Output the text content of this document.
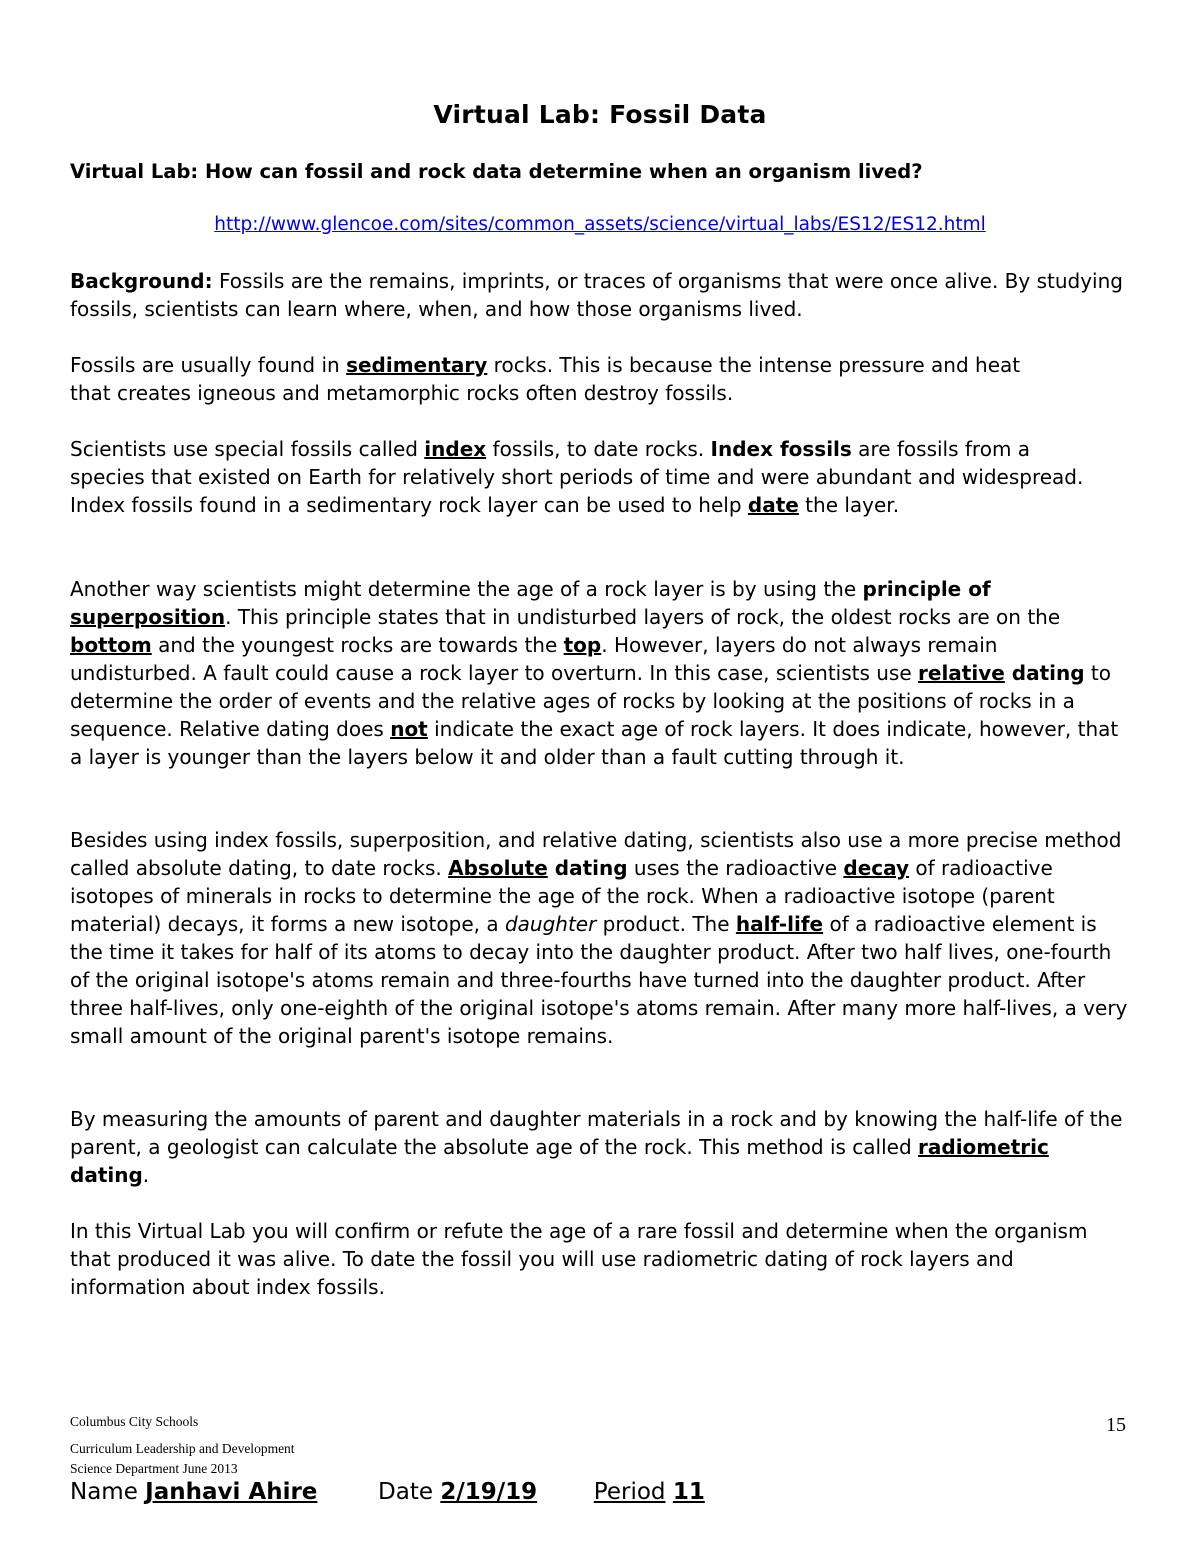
Virtual Lab: Fossil Data
Virtual Lab: How can fossil and rock data determine when an organism lived?
http://www.glencoe.com/sites/common_assets/science/virtual_labs/ES12/ES12.html
Background: Fossils are the remains, imprints, or traces of organisms that were once alive. By studying fossils, scientists can learn where, when, and how those organisms lived.
Fossils are usually found in sedimentary rocks. This is because the intense pressure and heat that creates igneous and metamorphic rocks often destroy fossils.
Scientists use special fossils called index fossils, to date rocks. Index fossils are fossils from a species that existed on Earth for relatively short periods of time and were abundant and widespread. Index fossils found in a sedimentary rock layer can be used to help date the layer.
Another way scientists might determine the age of a rock layer is by using the principle of superposition. This principle states that in undisturbed layers of rock, the oldest rocks are on the bottom and the youngest rocks are towards the top. However, layers do not always remain undisturbed. A fault could cause a rock layer to overturn. In this case, scientists use relative dating to determine the order of events and the relative ages of rocks by looking at the positions of rocks in a sequence. Relative dating does not indicate the exact age of rock layers. It does indicate, however, that a layer is younger than the layers below it and older than a fault cutting through it.
Besides using index fossils, superposition, and relative dating, scientists also use a more precise method called absolute dating, to date rocks. Absolute dating uses the radioactive decay of radioactive isotopes of minerals in rocks to determine the age of the rock. When a radioactive isotope (parent material) decays, it forms a new isotope, a daughter product. The half-life of a radioactive element is the time it takes for half of its atoms to decay into the daughter product. After two half lives, one-fourth of the original isotope's atoms remain and three-fourths have turned into the daughter product. After three half-lives, only one-eighth of the original isotope's atoms remain. After many more half-lives, a very small amount of the original parent's isotope remains.
By measuring the amounts of parent and daughter materials in a rock and by knowing the half-life of the parent, a geologist can calculate the absolute age of the rock. This method is called radiometric dating.
In this Virtual Lab you will confirm or refute the age of a rare fossil and determine when the organism that produced it was alive. To date the fossil you will use radiometric dating of rock layers and information about index fossils.
Columbus City Schools
Curriculum Leadership and Development
Science Department June 2013
15
Name Janhavi Ahire	Date 2/19/19 Period 11
